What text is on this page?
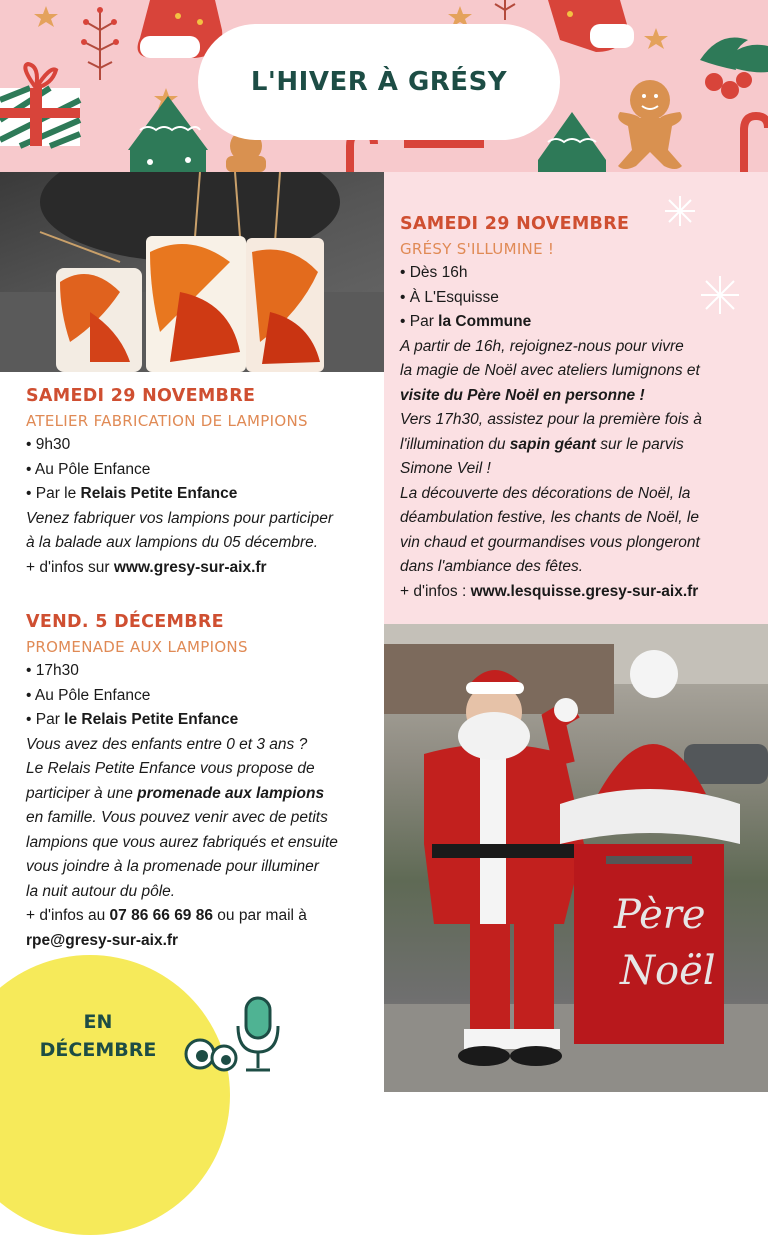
L'HIVER À GRÉSY
SAMEDI 29 NOVEMBRE
GRÉSY S'ILLUMINE !
• Dès 16h
• À L'Esquisse
• Par la Commune
A partir de 16h, rejoignez-nous pour vivre
la magie de Noël avec ateliers lumignons et
visite du Père Noël en personne !
Vers 17h30, assistez pour la première fois à
l'illumination du sapin géant sur le parvis
Simone Veil !
La découverte des décorations de Noël, la
déambulation festive, les chants de Noël, le
vin chaud et gourmandises vous plongeront
dans l'ambiance des fêtes.
+ d'infos : www.lesquisse.gresy-sur-aix.fr
SAMEDI 29 NOVEMBRE
ATELIER FABRICATION DE LAMPIONS
• 9h30
• Au Pôle Enfance
• Par le Relais Petite Enfance
Venez fabriquer vos lampions pour participer
à la balade aux lampions du 05 décembre.
+ d'infos sur www.gresy-sur-aix.fr
VEND. 5 DÉCEMBRE
PROMENADE AUX LAMPIONS
• 17h30
• Au Pôle Enfance
• Par le Relais Petite Enfance
Vous avez des enfants entre 0 et 3 ans ?
Le Relais Petite Enfance vous propose de
participer à une promenade aux lampions
en famille. Vous pouvez venir avec de petits
lampions que vous aurez fabriqués et ensuite
vous joindre à la promenade pour illuminer
la nuit autour du pôle.
+ d'infos au 07 86 66 69 86 ou par mail à
rpe@gresy-sur-aix.fr
Père
Noël
EN
DÉCEMBRE
